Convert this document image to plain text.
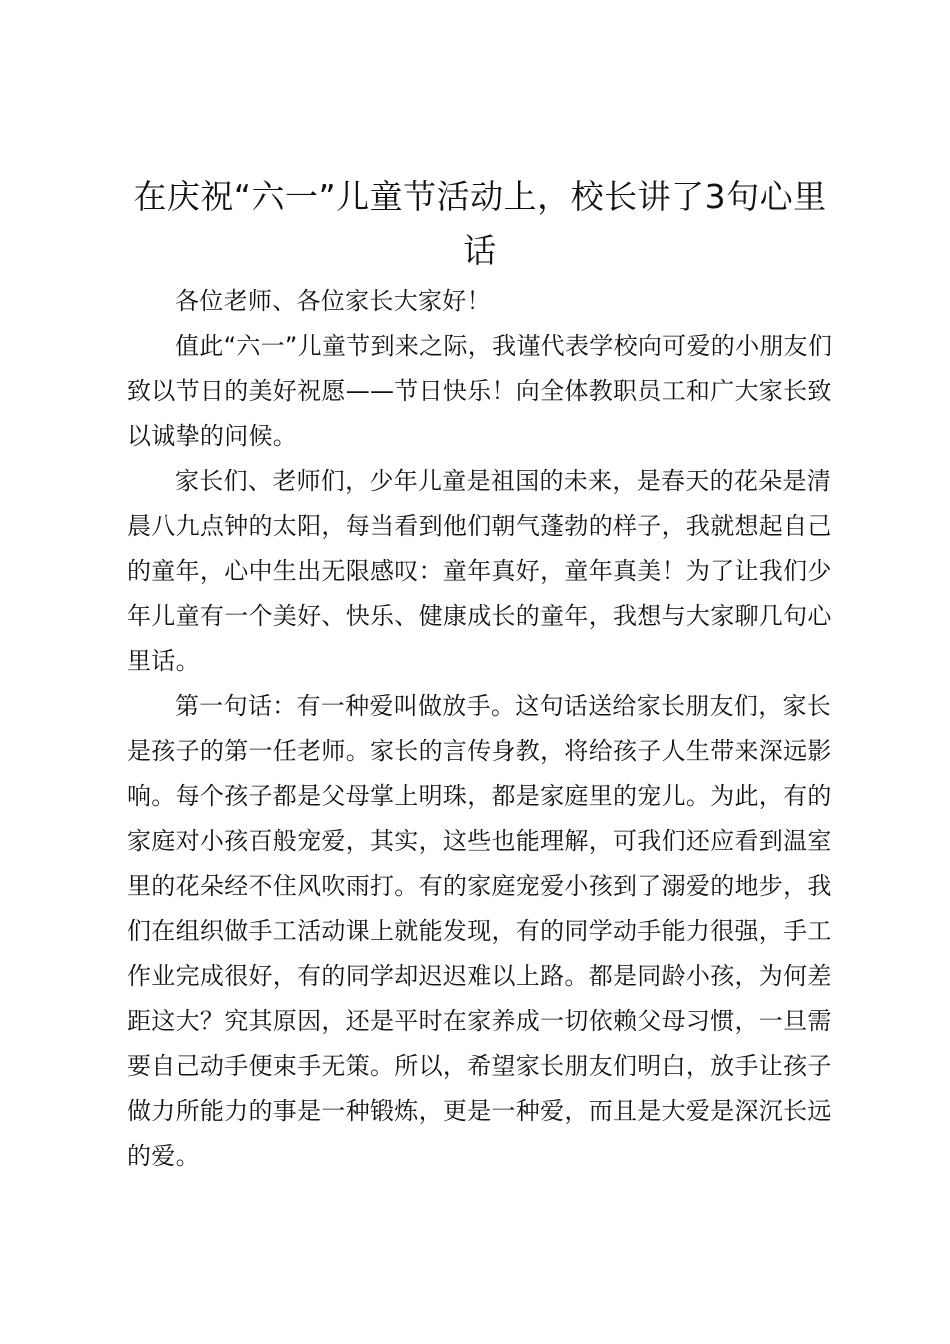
在庆祝“六一”儿童节活动上，校长讲了3句心里话

各位老师、各位家长大家好！

值此“六一”儿童节到来之际，我谨代表学校向可爱的小朋友们致以节日的美好祝愿——节日快乐！向全体教职员工和广大家长致以诚挚的问候。

家长们、老师们，少年儿童是祖国的未来，是春天的花朵是清晨八九点钟的太阳，每当看到他们朝气蓬勃的样子，我就想起自己的童年，心中生出无限感叹：童年真好，童年真美！为了让我们少年儿童有一个美好、快乐、健康成长的童年，我想与大家聊几句心里话。

第一句话：有一种爱叫做放手。这句话送给家长朋友们，家长是孩子的第一任老师。家长的言传身教，将给孩子人生带来深远影响。每个孩子都是父母掌上明珠，都是家庭里的宠儿。为此，有的家庭对小孩百般宠爱，其实，这些也能理解，可我们还应看到温室里的花朵经不住风吹雨打。有的家庭宠爱小孩到了溺爱的地步，我们在组织做手工活动课上就能发现，有的同学动手能力很强，手工作业完成很好，有的同学却迟迟难以上路。都是同龄小孩，为何差距这大？究其原因，还是平时在家养成一切依赖父母习惯，一旦需要自己动手便束手无策。所以，希望家长朋友们明白，放手让孩子做力所能力的事是一种锻炼，更是一种爱，而且是大爱是深沉长远的爱。
